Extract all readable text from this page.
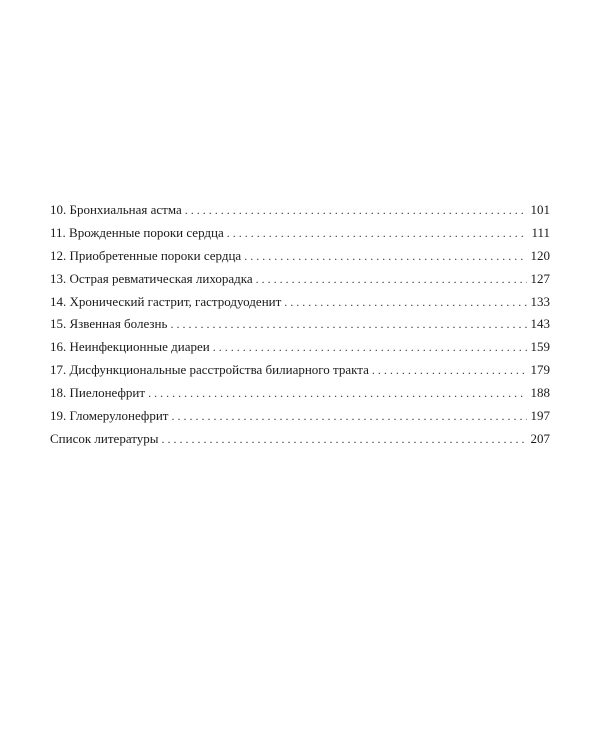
10. Бронхиальная астма . . .	101
11. Врожденные пороки сердца . . .	111
12. Приобретенные пороки сердца . . .	120
13. Острая ревматическая лихорадка . . .	127
14. Хронический гастрит, гастродуоденит . . .	133
15. Язвенная болезнь . . .	143
16. Неинфекционные диареи . . .	159
17. Дисфункциональные расстройства билиарного тракта . . .	179
18. Пиелонефрит . . .	188
19. Гломерулонефрит . . .	197
Список литературы . . .	207
